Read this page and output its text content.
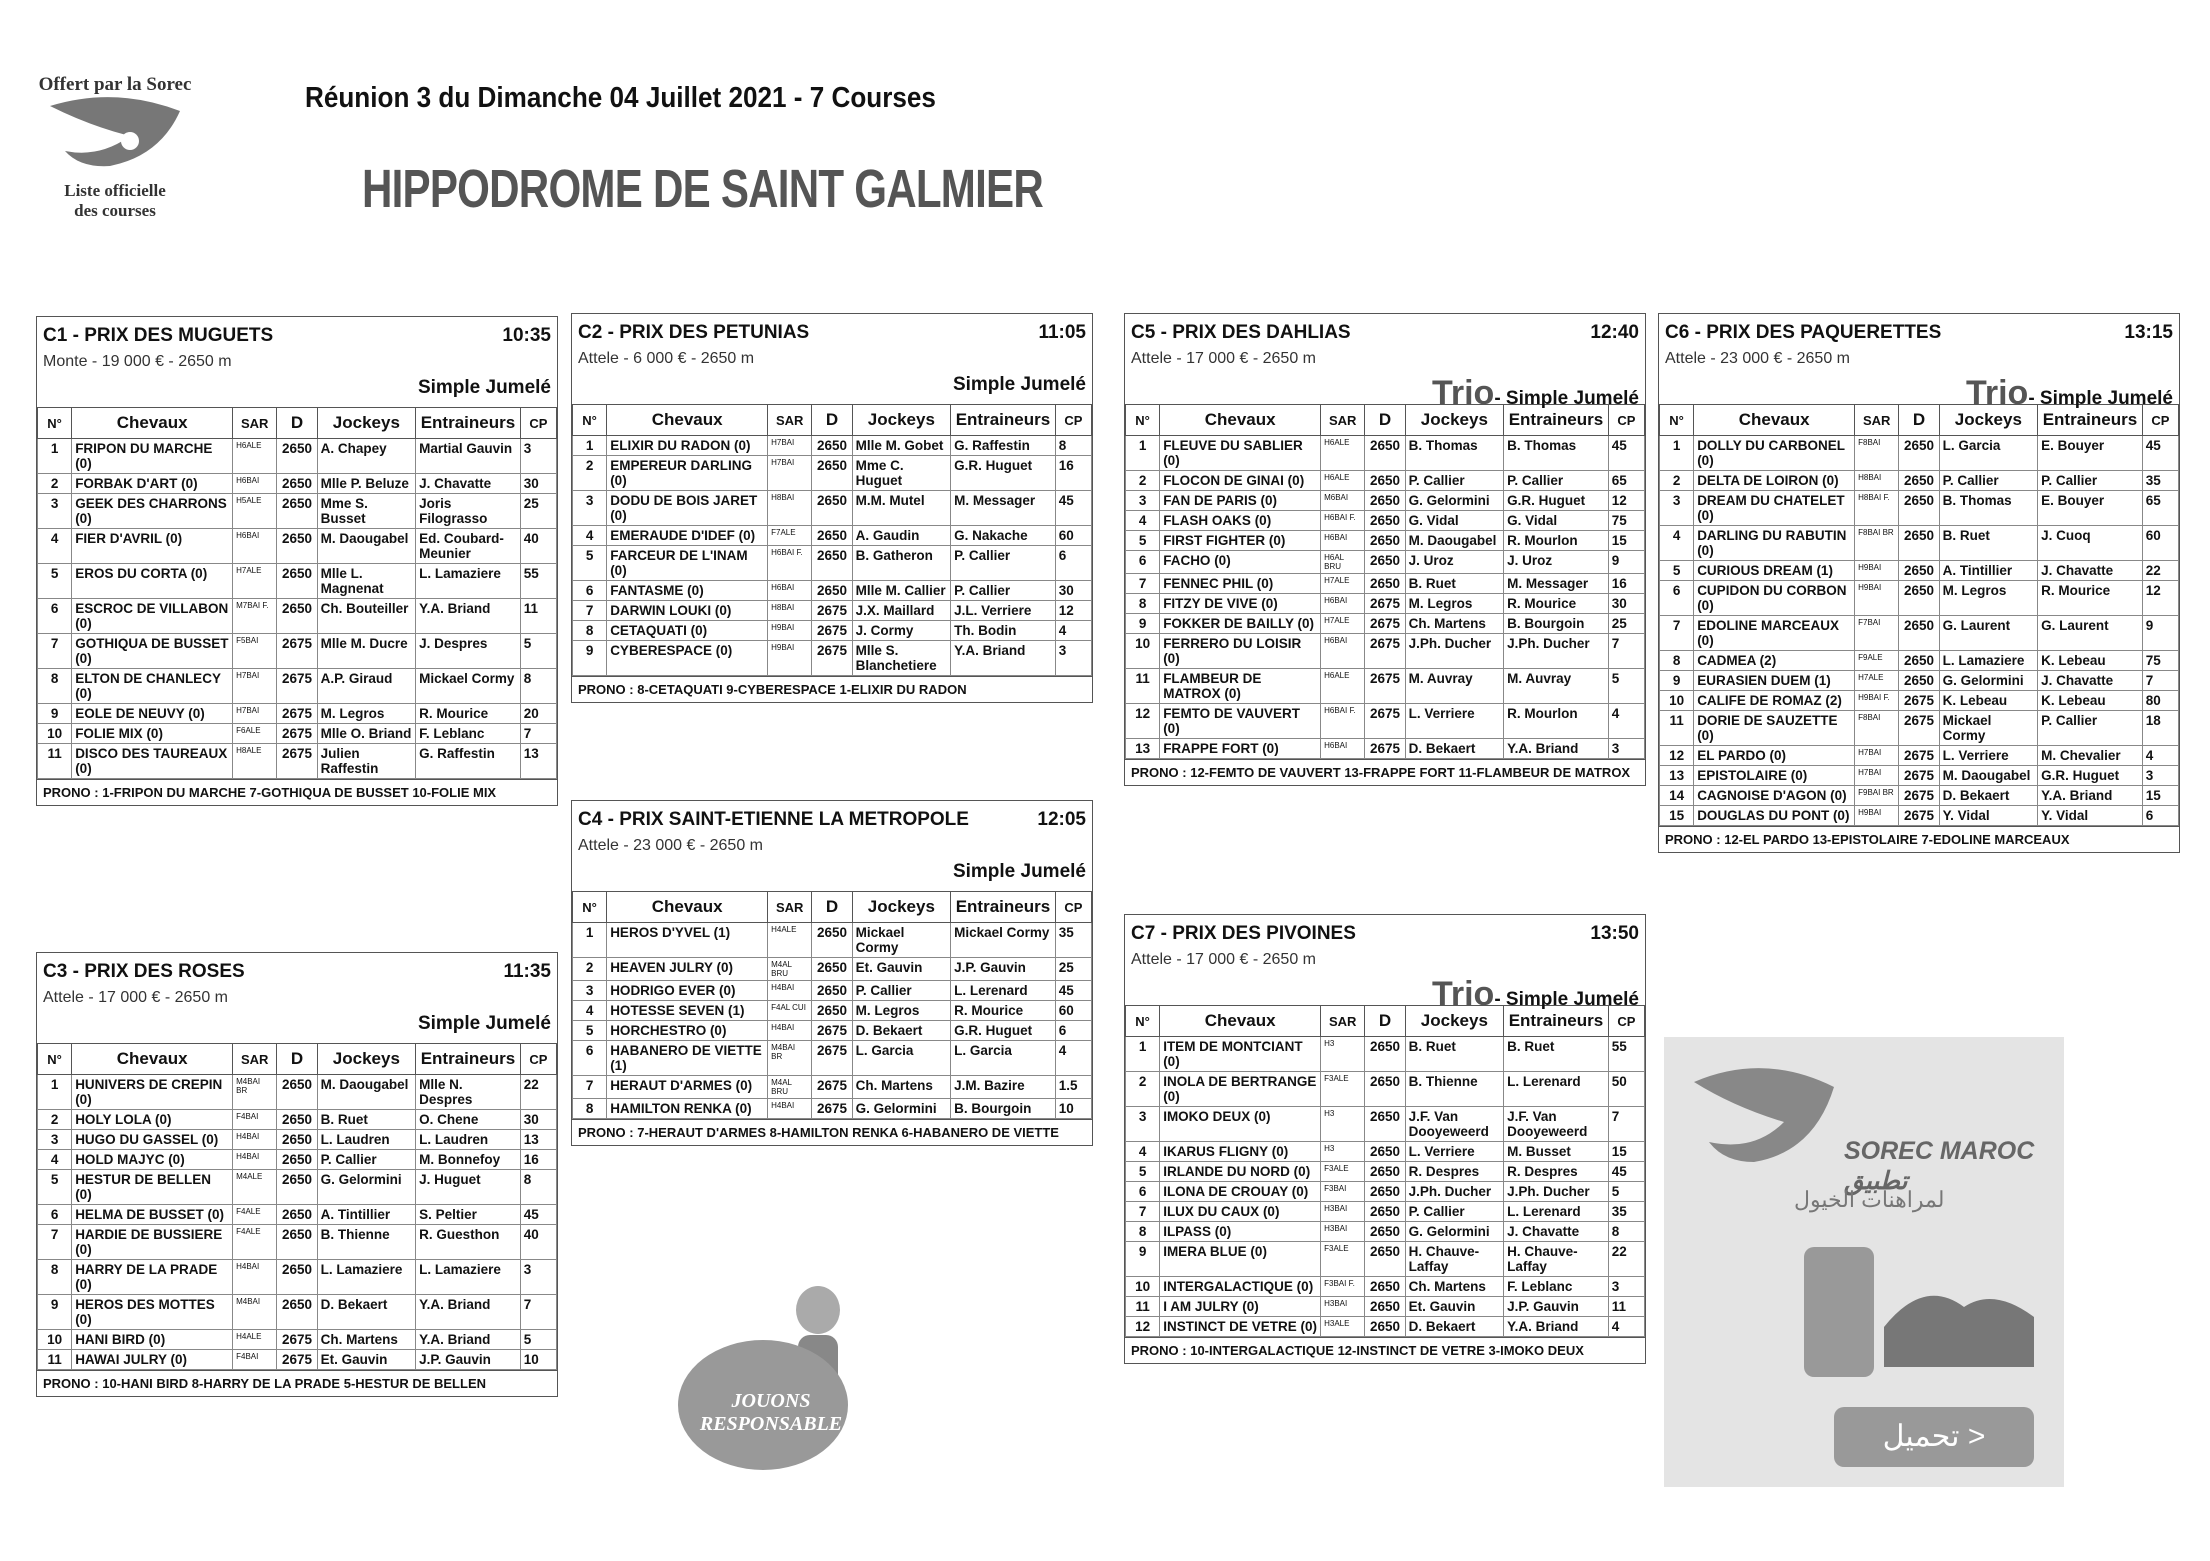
Offert par la Sorec
Liste officielle
des courses
Réunion 3 du Dimanche 04 Juillet 2021 - 7 Courses
HIPPODROME DE SAINT GALMIER
C1 - PRIX DES MUGUETS	10:35
Monte - 19 000 € - 2650 m
Simple Jumelé
N°	Chevaux	SAR	D	Jockeys	Entraineurs	CP
1	FRIPON DU MARCHE (0)	H6ALE	2650	A. Chapey	Martial Gauvin	3
2	FORBAK D'ART (0)	H6BAI	2650	Mlle P. Beluze	J. Chavatte	30
3	GEEK DES CHARRONS (0)	H5ALE	2650	Mme S. Busset	Joris Filograsso	25
4	FIER D'AVRIL (0)	H6BAI	2650	M. Daougabel	Ed. Coubard-Meunier	40
5	EROS DU CORTA (0)	H7ALE	2650	Mlle L. Magnenat	L. Lamaziere	55
6	ESCROC DE VILLABON (0)	M7BAI F.	2650	Ch. Bouteiller	Y.A. Briand	11
7	GOTHIQUA DE BUSSET (0)	F5BAI	2675	Mlle M. Ducre	J. Despres	5
8	ELTON DE CHANLECY (0)	H7BAI	2675	A.P. Giraud	Mickael Cormy	8
9	EOLE DE NEUVY (0)	H7BAI	2675	M. Legros	R. Mourice	20
10	FOLIE MIX (0)	F6ALE	2675	Mlle O. Briand	F. Leblanc	7
11	DISCO DES TAUREAUX (0)	H8ALE	2675	Julien Raffestin	G. Raffestin	13
PRONO : 1-FRIPON DU MARCHE 7-GOTHIQUA DE BUSSET 10-FOLIE MIX
C2 - PRIX DES PETUNIAS	11:05
Attele - 6 000 € - 2650 m
Simple Jumelé
N°	Chevaux	SAR	D	Jockeys	Entraineurs	CP
1	ELIXIR DU RADON (0)	H7BAI	2650	Mlle M. Gobet	G. Raffestin	8
2	EMPEREUR DARLING (0)	H7BAI	2650	Mme C. Huguet	G.R. Huguet	16
3	DODU DE BOIS JARET (0)	H8BAI	2650	M.M. Mutel	M. Messager	45
4	EMERAUDE D'IDEF (0)	F7ALE	2650	A. Gaudin	G. Nakache	60
5	FARCEUR DE L'INAM (0)	H6BAI F.	2650	B. Gatheron	P. Callier	6
6	FANTASME (0)	H6BAI	2650	Mlle M. Callier	P. Callier	30
7	DARWIN LOUKI (0)	H8BAI	2675	J.X. Maillard	J.L. Verriere	12
8	CETAQUATI (0)	H9BAI	2675	J. Cormy	Th. Bodin	4
9	CYBERESPACE (0)	H9BAI	2675	Mlle S. Blanchetiere	Y.A. Briand	3
PRONO : 8-CETAQUATI 9-CYBERESPACE 1-ELIXIR DU RADON
C5 - PRIX DES DAHLIAS	12:40
Attele - 17 000 € - 2650 m
Trio- Simple Jumelé
N°	Chevaux	SAR	D	Jockeys	Entraineurs	CP
1	FLEUVE DU SABLIER (0)	H6ALE	2650	B. Thomas	B. Thomas	45
2	FLOCON DE GINAI (0)	H6ALE	2650	P. Callier	P. Callier	65
3	FAN DE PARIS (0)	M6BAI	2650	G. Gelormini	G.R. Huguet	12
4	FLASH OAKS (0)	H6BAI F.	2650	G. Vidal	G. Vidal	75
5	FIRST FIGHTER (0)	H6BAI	2650	M. Daougabel	R. Mourlon	15
6	FACHO (0)	H6AL BRU	2650	J. Uroz	J. Uroz	9
7	FENNEC PHIL (0)	H7ALE	2650	B. Ruet	M. Messager	16
8	FITZY DE VIVE (0)	H6BAI	2675	M. Legros	R. Mourice	30
9	FOKKER DE BAILLY (0)	H7ALE	2675	Ch. Martens	B. Bourgoin	25
10	FERRERO DU LOISIR (0)	H6BAI	2675	J.Ph. Ducher	J.Ph. Ducher	7
11	FLAMBEUR DE MATROX (0)	H6ALE	2675	M. Auvray	M. Auvray	5
12	FEMTO DE VAUVERT (0)	H6BAI F.	2675	L. Verriere	R. Mourlon	4
13	FRAPPE FORT (0)	H6BAI	2675	D. Bekaert	Y.A. Briand	3
PRONO : 12-FEMTO DE VAUVERT 13-FRAPPE FORT 11-FLAMBEUR DE MATROX
C6 - PRIX DES PAQUERETTES	13:15
Attele - 23 000 € - 2650 m
Trio- Simple Jumelé
N°	Chevaux	SAR	D	Jockeys	Entraineurs	CP
1	DOLLY DU CARBONEL (0)	F8BAI	2650	L. Garcia	E. Bouyer	45
2	DELTA DE LOIRON (0)	H8BAI	2650	P. Callier	P. Callier	35
3	DREAM DU CHATELET (0)	H8BAI F.	2650	B. Thomas	E. Bouyer	65
4	DARLING DU RABUTIN (0)	F8BAI BR	2650	B. Ruet	J. Cuoq	60
5	CURIOUS DREAM (1)	H9BAI	2650	A. Tintillier	J. Chavatte	22
6	CUPIDON DU CORBON (0)	H9BAI	2650	M. Legros	R. Mourice	12
7	EDOLINE MARCEAUX (0)	F7BAI	2650	G. Laurent	G. Laurent	9
8	CADMEA (2)	F9ALE	2650	L. Lamaziere	K. Lebeau	75
9	EURASIEN DUEM (1)	H7ALE	2650	G. Gelormini	J. Chavatte	7
10	CALIFE DE ROMAZ (2)	H9BAI F.	2675	K. Lebeau	K. Lebeau	80
11	DORIE DE SAUZETTE (0)	F8BAI	2675	Mickael Cormy	P. Callier	18
12	EL PARDO (0)	H7BAI	2675	L. Verriere	M. Chevalier	4
13	EPISTOLAIRE (0)	H7BAI	2675	M. Daougabel	G.R. Huguet	3
14	CAGNOISE D'AGON (0)	F9BAI BR	2675	D. Bekaert	Y.A. Briand	15
15	DOUGLAS DU PONT (0)	H9BAI	2675	Y. Vidal	Y. Vidal	6
PRONO : 12-EL PARDO 13-EPISTOLAIRE 7-EDOLINE MARCEAUX
C4 - PRIX SAINT-ETIENNE LA METROPOLE	12:05
Attele - 23 000 € - 2650 m
Simple Jumelé
N°	Chevaux	SAR	D	Jockeys	Entraineurs	CP
1	HEROS D'YVEL (1)	H4ALE	2650	Mickael Cormy	Mickael Cormy	35
2	HEAVEN JULRY (0)	M4AL BRU	2650	Et. Gauvin	J.P. Gauvin	25
3	HODRIGO EVER (0)	H4BAI	2650	P. Callier	L. Lerenard	45
4	HOTESSE SEVEN (1)	F4AL CUI	2650	M. Legros	R. Mourice	60
5	HORCHESTRO (0)	H4BAI	2675	D. Bekaert	G.R. Huguet	6
6	HABANERO DE VIETTE (1)	M4BAI BR	2675	L. Garcia	L. Garcia	4
7	HERAUT D'ARMES (0)	M4AL BRU	2675	Ch. Martens	J.M. Bazire	1.5
8	HAMILTON RENKA (0)	H4BAI	2675	G. Gelormini	B. Bourgoin	10
PRONO : 7-HERAUT D'ARMES 8-HAMILTON RENKA 6-HABANERO DE VIETTE
C3 - PRIX DES ROSES	11:35
Attele - 17 000 € - 2650 m
Simple Jumelé
N°	Chevaux	SAR	D	Jockeys	Entraineurs	CP
1	HUNIVERS DE CREPIN (0)	M4BAI BR	2650	M. Daougabel	Mlle N. Despres	22
2	HOLY LOLA (0)	F4BAI	2650	B. Ruet	O. Chene	30
3	HUGO DU GASSEL (0)	H4BAI	2650	L. Laudren	L. Laudren	13
4	HOLD MAJYC (0)	H4BAI	2650	P. Callier	M. Bonnefoy	16
5	HESTUR DE BELLEN (0)	M4ALE	2650	G. Gelormini	J. Huguet	8
6	HELMA DE BUSSET (0)	F4ALE	2650	A. Tintillier	S. Peltier	45
7	HARDIE DE BUSSIERE (0)	F4ALE	2650	B. Thienne	R. Guesthon	40
8	HARRY DE LA PRADE (0)	H4BAI	2650	L. Lamaziere	L. Lamaziere	3
9	HEROS DES MOTTES (0)	M4BAI	2650	D. Bekaert	Y.A. Briand	7
10	HANI BIRD (0)	H4ALE	2675	Ch. Martens	Y.A. Briand	5
11	HAWAI JULRY (0)	F4BAI	2675	Et. Gauvin	J.P. Gauvin	10
PRONO : 10-HANI BIRD 8-HARRY DE LA PRADE 5-HESTUR DE BELLEN
C7 - PRIX DES PIVOINES	13:50
Attele - 17 000 € - 2650 m
Trio- Simple Jumelé
N°	Chevaux	SAR	D	Jockeys	Entraineurs	CP
1	ITEM DE MONTCIANT (0)	H3	2650	B. Ruet	B. Ruet	55
2	INOLA DE BERTRANGE (0)	F3ALE	2650	B. Thienne	L. Lerenard	50
3	IMOKO DEUX (0)	H3	2650	J.F. Van Dooyeweerd	J.F. Van Dooyeweerd	7
4	IKARUS FLIGNY (0)	H3	2650	L. Verriere	M. Busset	15
5	IRLANDE DU NORD (0)	F3ALE	2650	R. Despres	R. Despres	45
6	ILONA DE CROUAY (0)	F3BAI	2650	J.Ph. Ducher	J.Ph. Ducher	5
7	ILUX DU CAUX (0)	H3BAI	2650	P. Callier	L. Lerenard	35
8	ILPASS (0)	H3BAI	2650	G. Gelormini	J. Chavatte	8
9	IMERA BLUE (0)	F3ALE	2650	H. Chauve-Laffay	H. Chauve-Laffay	22
10	INTERGALACTIQUE (0)	F3BAI F.	2650	Ch. Martens	F. Leblanc	3
11	I AM JULRY (0)	H3BAI	2650	Et. Gauvin	J.P. Gauvin	11
12	INSTINCT DE VETRE (0)	H3ALE	2650	D. Bekaert	Y.A. Briand	4
PRONO : 10-INTERGALACTIQUE 12-INSTINCT DE VETRE 3-IMOKO DEUX
JOUONS
RESPONSABLE
SOREC MAROC تطبيق
لمراهنات الخيول
تحميل >
